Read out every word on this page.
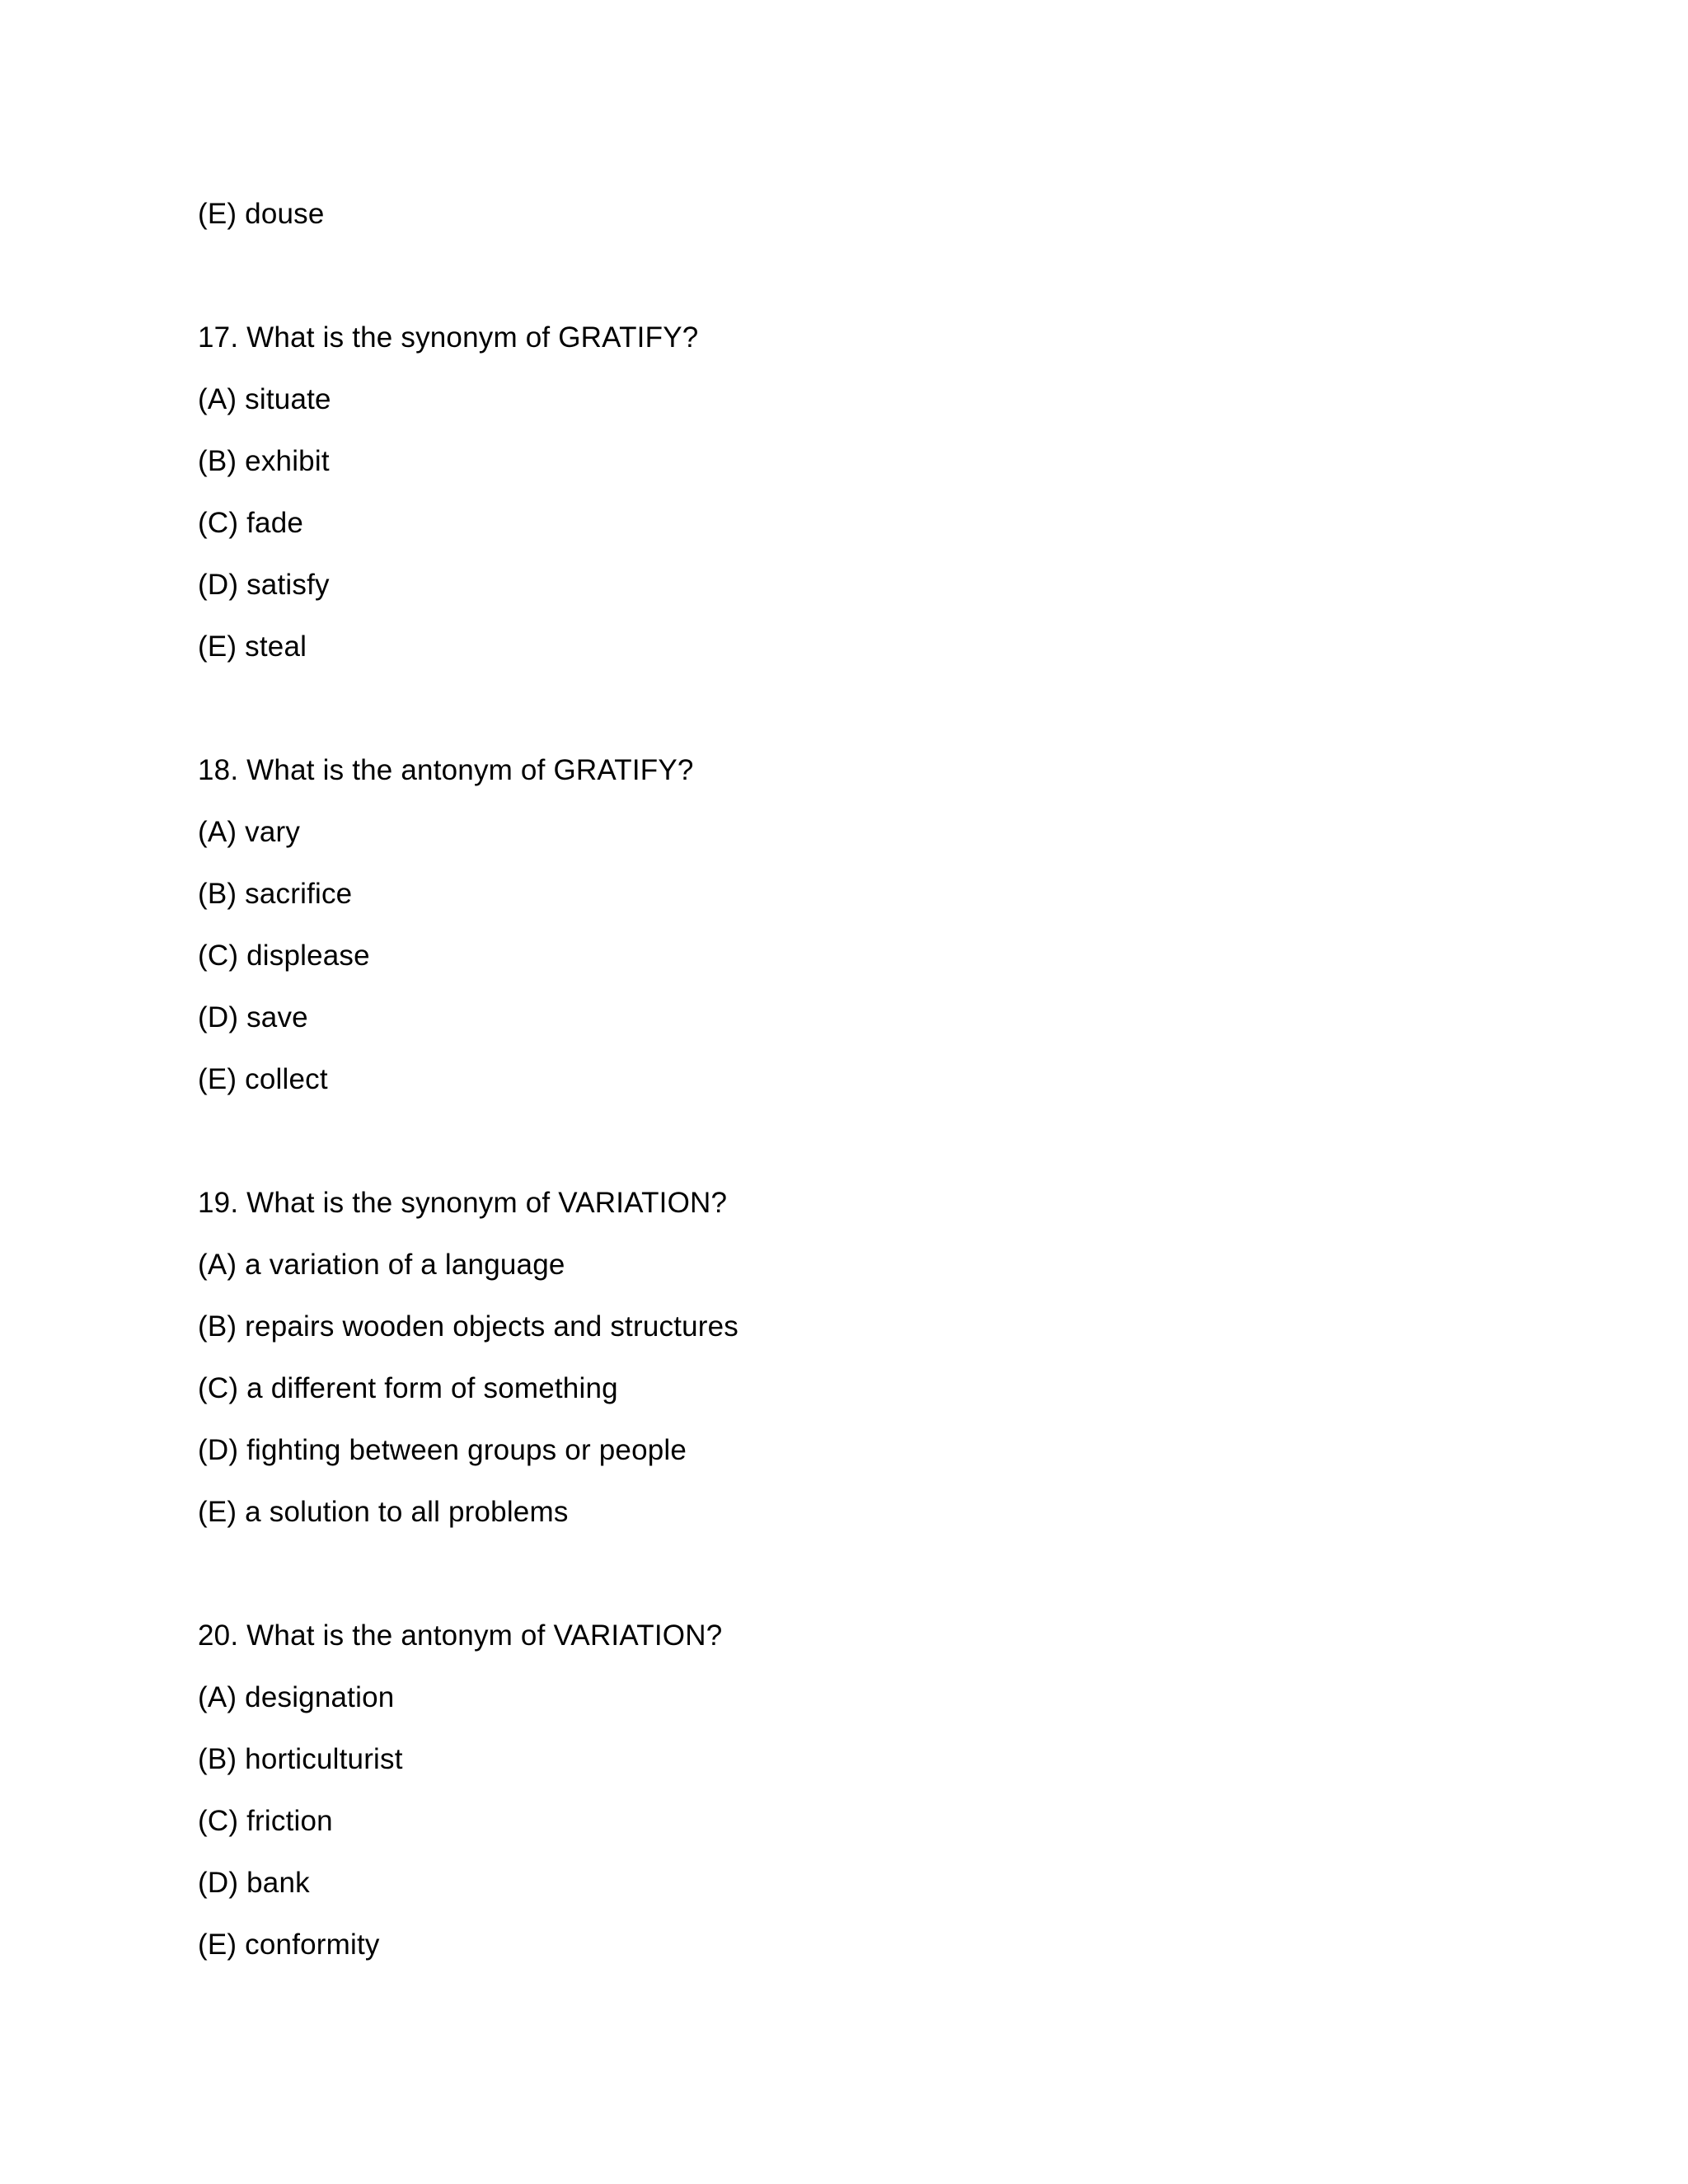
(E) douse
17. What is the synonym of GRATIFY?
(A) situate
(B) exhibit
(C) fade
(D) satisfy
(E) steal
18. What is the antonym of GRATIFY?
(A) vary
(B) sacrifice
(C) displease
(D) save
(E) collect
19. What is the synonym of VARIATION?
(A) a variation of a language
(B) repairs wooden objects and structures
(C) a different form of something
(D) fighting between groups or people
(E) a solution to all problems
20. What is the antonym of VARIATION?
(A) designation
(B) horticulturist
(C) friction
(D) bank
(E) conformity
